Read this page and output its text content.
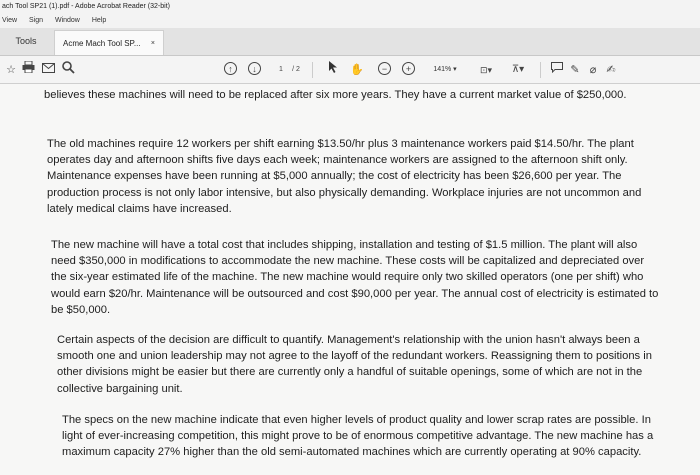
ach Tool SP21 (1).pdf - Adobe Acrobat Reader (32-bit)
View Sign Window Help
Tools	Acme Mach Tool SP... ×
☆	↑	↓	1	/ 2	✋	−	+	141% ▾	⊡▾	⊼▾	✎ ⌀ ✍

believes these machines will need to be replaced after six more years. They have a current market value of $250,000.

The old machines require 12 workers per shift earning $13.50/hr plus 3 maintenance workers paid $14.50/hr. The plant operates day and afternoon shifts five days each week; maintenance workers are assigned to the afternoon shift only. Maintenance expenses have been running at $5,000 annually; the cost of electricity has been $26,600 per year. The production process is not only labor intensive, but also physically demanding. Workplace injuries are not uncommon and lately medical claims have increased.

The new machine will have a total cost that includes shipping, installation and testing of $1.5 million. The plant will also need $350,000 in modifications to accommodate the new machine. These costs will be capitalized and depreciated over the six-year estimated life of the machine. The new machine would require only two skilled operators (one per shift) who would earn $20/hr. Maintenance will be outsourced and cost $90,000 per year. The annual cost of electricity is estimated to be $50,000.

Certain aspects of the decision are difficult to quantify. Management's relationship with the union hasn't always been a smooth one and union leadership may not agree to the layoff of the redundant workers. Reassigning them to positions in other divisions might be easier but there are currently only a handful of suitable openings, some of which are not in the collective bargaining unit.

The specs on the new machine indicate that even higher levels of product quality and lower scrap rates are possible. In light of ever-increasing competition, this might prove to be of enormous competitive advantage. The new machine has a maximum capacity 27% higher than the old semi-automated machines which are currently operating at 90% capacity.
